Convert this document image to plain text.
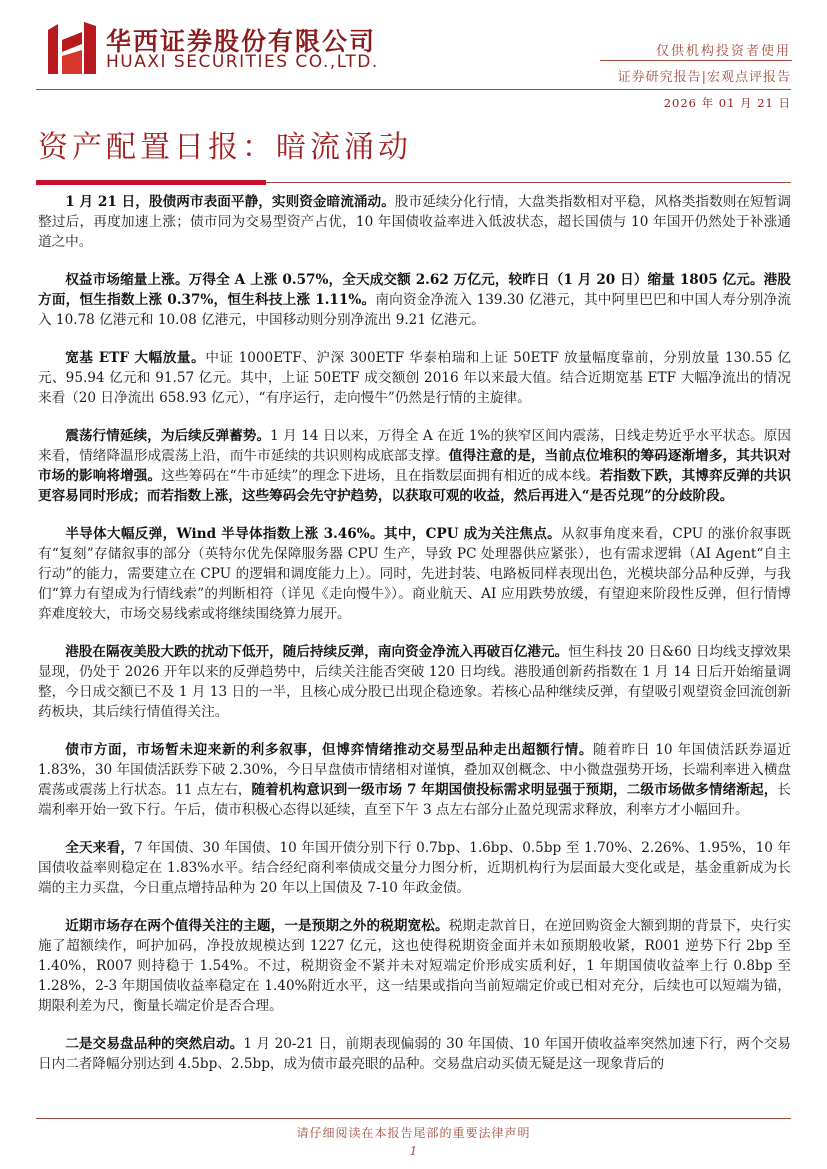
华西证券股份有限公司
HUAXI SECURITIES CO.,LTD.
仅供机构投资者使用
证券研究报告|宏观点评报告
2026 年 01 月 21 日
资产配置日报：暗流涌动

1 月 21 日，股债两市表面平静，实则资金暗流涌动。股市延续分化行情，大盘类指数相对平稳，风格类指数则在短暂调整过后，再度加速上涨；债市同为交易型资产占优，10 年国债收益率进入低波状态，超长国债与 10 年国开仍然处于补涨通道之中。

权益市场缩量上涨。万得全 A 上涨 0.57%，全天成交额 2.62 万亿元，较昨日（1 月 20 日）缩量 1805 亿元。港股方面，恒生指数上涨 0.37%，恒生科技上涨 1.11%。南向资金净流入 139.30 亿港元，其中阿里巴巴和中国人寿分别净流入 10.78 亿港元和 10.08 亿港元，中国移动则分别净流出 9.21 亿港元。

宽基 ETF 大幅放量。中证 1000ETF、沪深 300ETF 华泰柏瑞和上证 50ETF 放量幅度靠前，分别放量 130.55 亿元、95.94 亿元和 91.57 亿元。其中，上证 50ETF 成交额创 2016 年以来最大值。结合近期宽基 ETF 大幅净流出的情况来看（20 日净流出 658.93 亿元），“有序运行，走向慢牛”仍然是行情的主旋律。

震荡行情延续，为后续反弹蓄势。1 月 14 日以来，万得全 A 在近 1%的狭窄区间内震荡，日线走势近乎水平状态。原因来看，情绪降温形成震荡上沿，而牛市延续的共识则构成底部支撑。值得注意的是，当前点位堆积的筹码逐渐增多，其共识对市场的影响将增强。这些筹码在“牛市延续”的理念下进场，且在指数层面拥有相近的成本线。若指数下跌，其博弈反弹的共识更容易同时形成；而若指数上涨，这些筹码会先守护趋势，以获取可观的收益，然后再进入“是否兑现”的分歧阶段。

半导体大幅反弹，Wind 半导体指数上涨 3.46%。其中，CPU 成为关注焦点。从叙事角度来看，CPU 的涨价叙事既有“复刻”存储叙事的部分（英特尔优先保障服务器 CPU 生产，导致 PC 处理器供应紧张），也有需求逻辑（AI Agent“自主行动”的能力，需要建立在 CPU 的逻辑和调度能力上）。同时，先进封装、电路板同样表现出色，光模块部分品种反弹，与我们“算力有望成为行情线索”的判断相符（详见《走向慢牛》）。商业航天、AI 应用跌势放缓，有望迎来阶段性反弹，但行情博弈难度较大，市场交易线索或将继续围绕算力展开。

港股在隔夜美股大跌的扰动下低开，随后持续反弹，南向资金净流入再破百亿港元。恒生科技 20 日&60 日均线支撑效果显现，仍处于 2026 开年以来的反弹趋势中，后续关注能否突破 120 日均线。港股通创新药指数在 1 月 14 日后开始缩量调整，今日成交额已不及 1 月 13 日的一半，且核心成分股已出现企稳迹象。若核心品种继续反弹，有望吸引观望资金回流创新药板块，其后续行情值得关注。

债市方面，市场暂未迎来新的利多叙事，但博弈情绪推动交易型品种走出超额行情。随着昨日 10 年国债活跃券逼近 1.83%，30 年国债活跃券下破 2.30%，今日早盘债市情绪相对谨慎，叠加双创概念、中小微盘强势开场，长端利率进入横盘震荡或震荡上行状态。11 点左右，随着机构意识到一级市场 7 年期国债投标需求明显强于预期，二级市场做多情绪渐起，长端利率开始一致下行。午后，债市积极心态得以延续，直至下午 3 点左右部分止盈兑现需求释放，利率方才小幅回升。

全天来看，7 年国债、30 年国债、10 年国开债分别下行 0.7bp、1.6bp、0.5bp 至 1.70%、2.26%、1.95%，10 年国债收益率则稳定在 1.83%水平。结合经纪商利率债成交量分力图分析，近期机构行为层面最大变化或是，基金重新成为长端的主力买盘，今日重点增持品种为 20 年以上国债及 7-10 年政金债。

近期市场存在两个值得关注的主题，一是预期之外的税期宽松。税期走款首日，在逆回购资金大额到期的背景下，央行实施了超额续作，呵护加码，净投放规模达到 1227 亿元，这也使得税期资金面并未如预期般收紧，R001 逆势下行 2bp 至 1.40%，R007 则持稳于 1.54%。不过，税期资金不紧并未对短端定价形成实质利好，1 年期国债收益率上行 0.8bp 至 1.28%，2-3 年期国债收益率稳定在 1.40%附近水平，这一结果或指向当前短端定价或已相对充分，后续也可以短端为锚，期限利差为尺，衡量长端定价是否合理。

二是交易盘品种的突然启动。1 月 20-21 日，前期表现偏弱的 30 年国债、10 年国开债收益率突然加速下行，两个交易日内二者降幅分别达到 4.5bp、2.5bp，成为债市最亮眼的品种。交易盘启动买债无疑是这一现象背后的

请仔细阅读在本报告尾部的重要法律声明
1
